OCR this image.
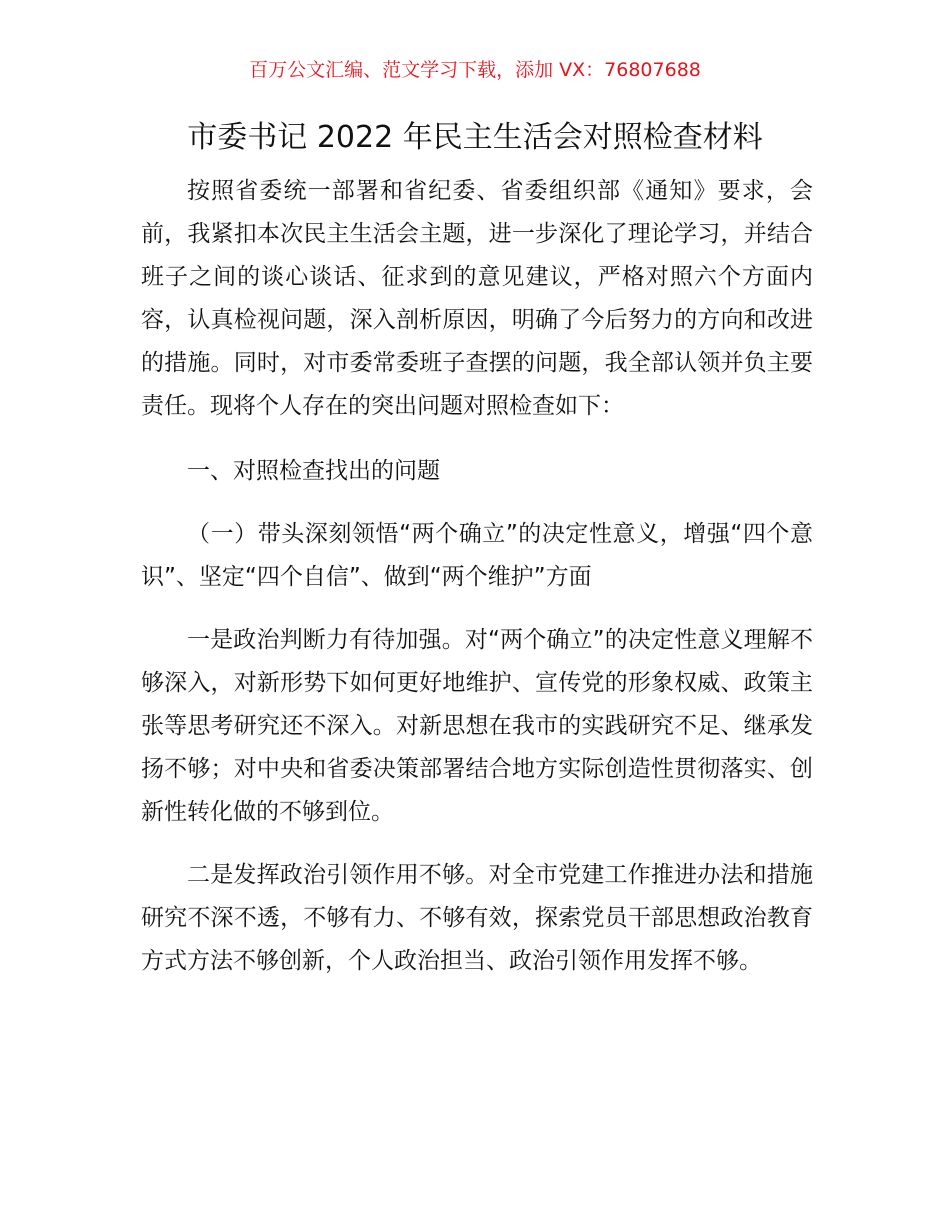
百万公文汇编、范文学习下载，添加 VX：76807688
市委书记 2022 年民主生活会对照检查材料

按照省委统一部署和省纪委、省委组织部《通知》要求，会前，我紧扣本次民主生活会主题，进一步深化了理论学习，并结合班子之间的谈心谈话、征求到的意见建议，严格对照六个方面内容，认真检视问题，深入剖析原因，明确了今后努力的方向和改进的措施。同时，对市委常委班子查摆的问题，我全部认领并负主要责任。现将个人存在的突出问题对照检查如下：

一、对照检查找出的问题

（一）带头深刻领悟“两个确立”的决定性意义，增强“四个意识”、坚定“四个自信”、做到“两个维护”方面

一是政治判断力有待加强。对“两个确立”的决定性意义理解不够深入，对新形势下如何更好地维护、宣传党的形象权威、政策主张等思考研究还不深入。对新思想在我市的实践研究不足、继承发扬不够；对中央和省委决策部署结合地方实际创造性贯彻落实、创新性转化做的不够到位。

二是发挥政治引领作用不够。对全市党建工作推进办法和措施研究不深不透，不够有力、不够有效，探索党员干部思想政治教育方式方法不够创新，个人政治担当、政治引领作用发挥不够。
